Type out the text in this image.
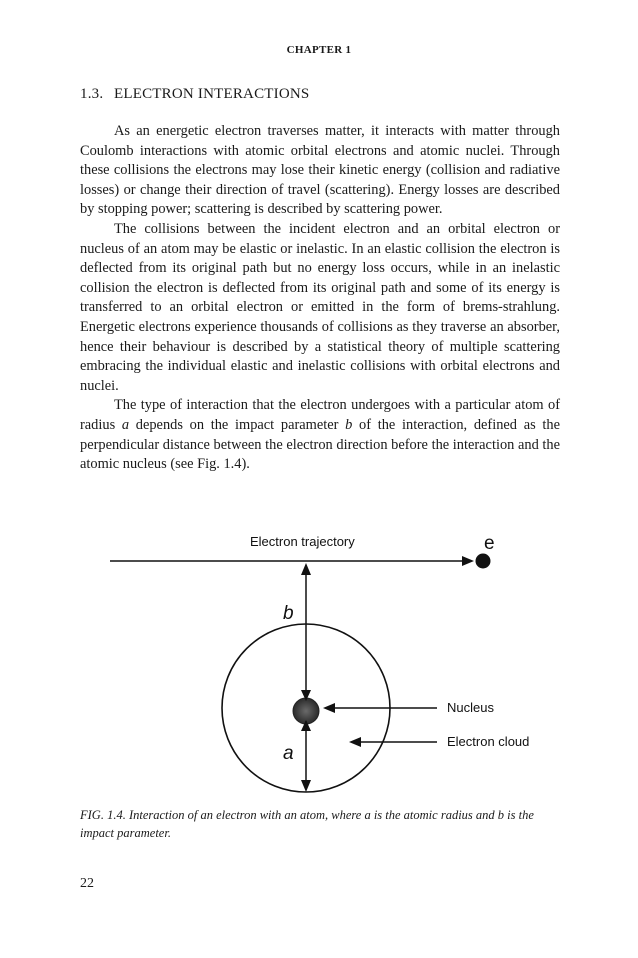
CHAPTER 1
1.3. ELECTRON INTERACTIONS

As an energetic electron traverses matter, it interacts with matter through Coulomb interactions with atomic orbital electrons and atomic nuclei. Through these collisions the electrons may lose their kinetic energy (collision and radiative losses) or change their direction of travel (scattering). Energy losses are described by stopping power; scattering is described by scattering power.

The collisions between the incident electron and an orbital electron or nucleus of an atom may be elastic or inelastic. In an elastic collision the electron is deflected from its original path but no energy loss occurs, while in an inelastic collision the electron is deflected from its original path and some of its energy is transferred to an orbital electron or emitted in the form of brems-strahlung. Energetic electrons experience thousands of collisions as they traverse an absorber, hence their behaviour is described by a statistical theory of multiple scattering embracing the individual elastic and inelastic collisions with orbital electrons and nuclei.

The type of interaction that the electron undergoes with a particular atom of radius a depends on the impact parameter b of the interaction, defined as the perpendicular distance between the electron direction before the interaction and the atomic nucleus (see Fig. 1.4).

Electron trajectory	e
b
a
Nucleus
Electron cloud
FIG. 1.4. Interaction of an electron with an atom, where a is the atomic radius and b is the impact parameter.
22
